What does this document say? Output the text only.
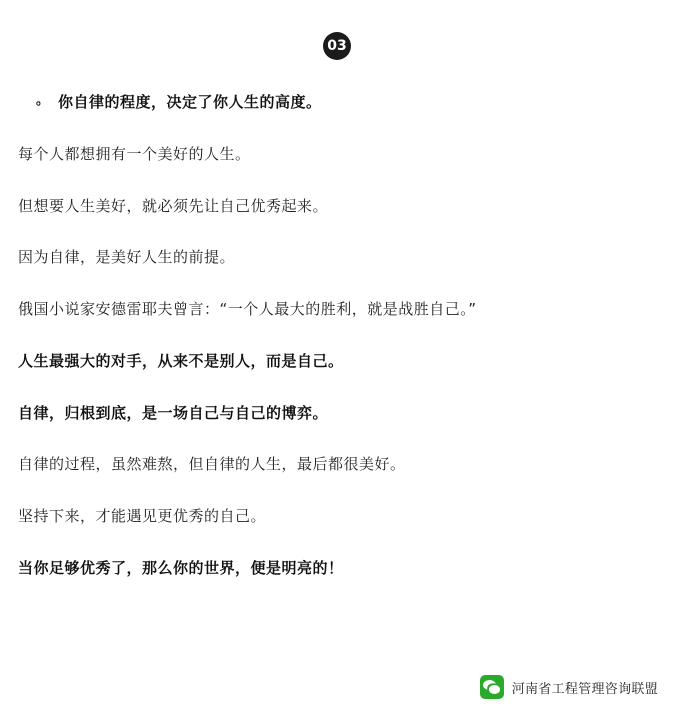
03

。 你自律的程度，决定了你人生的高度。

每个人都想拥有一个美好的人生。

但想要人生美好，就必须先让自己优秀起来。

因为自律，是美好人生的前提。

俄国小说家安德雷耶夫曾言：“一个人最大的胜利，就是战胜自己。”

人生最强大的对手，从来不是别人，而是自己。

自律，归根到底，是一场自己与自己的博弈。

自律的过程，虽然难熬，但自律的人生，最后都很美好。

坚持下来，才能遇见更优秀的自己。

当你足够优秀了，那么你的世界，便是明亮的！

河南省工程管理咨询联盟
